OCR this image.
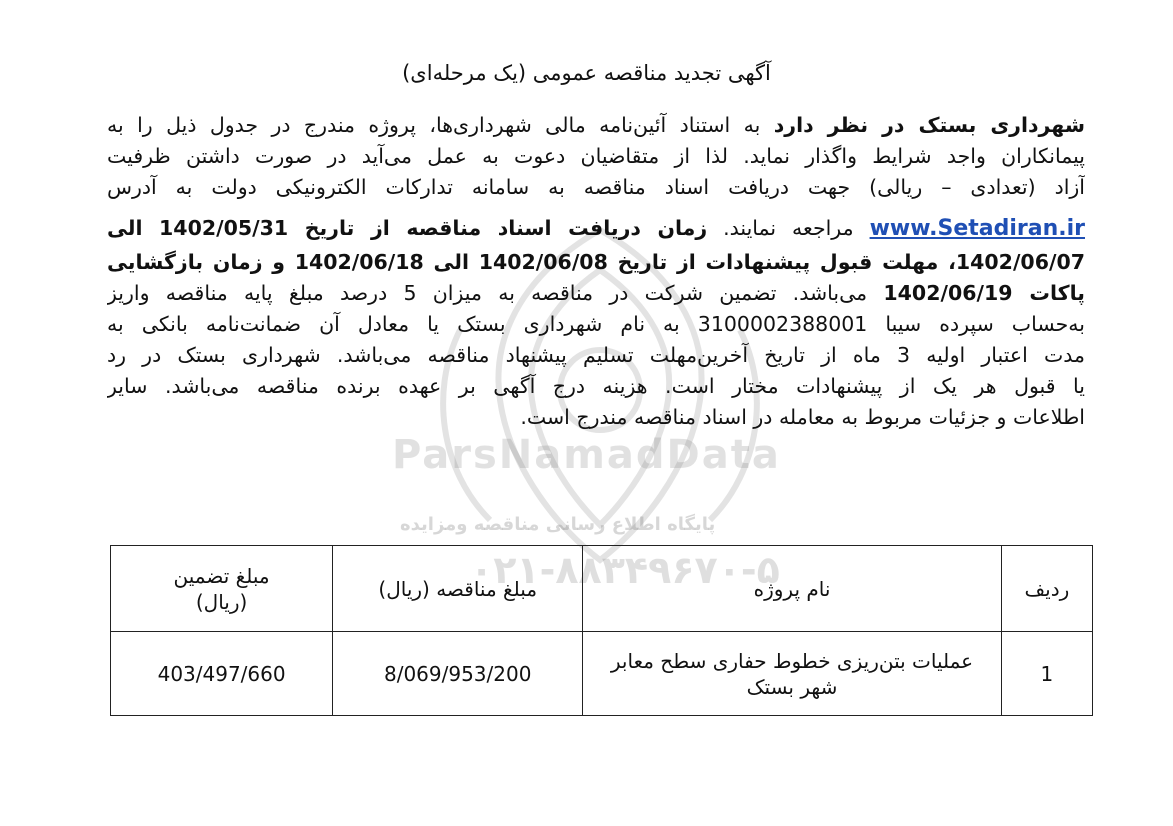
ParsNamadData
پایگاه اطلاع رسانی مناقصه ومزایده
۰۲۱-۸۸۳۴۹۶۷۰-۵
آگهی تجدید مناقصه عمومی (یک مرحله‌ای)
شهرداری بستک در نظر دارد به استناد آئین‌نامه مالی شهرداری‌ها، پروژه مندرج در جدول ذیل را به
پیمانکاران واجد شرایط واگذار نماید. لذا از متقاضیان دعوت به عمل می‌آید در صورت داشتن ظرفیت
آزاد (تعدادی – ریالی) جهت دریافت اسناد مناقصه به سامانه تدارکات الکترونیکی دولت به آدرس
www.Setadiran.ir مراجعه نمایند. زمان دریافت اسناد مناقصه از تاریخ 1402/05/31 الی
1402/06/07، مهلت قبول پیشنهادات از تاریخ 1402/06/08 الی 1402/06/18 و زمان بازگشایی
پاکات 1402/06/19 می‌باشد. تضمین شرکت در مناقصه به میزان 5 درصد مبلغ پایه مناقصه واریز
به‌حساب سپرده سیبا 3100002388001 به نام شهرداری بستک یا معادل آن ضمانت‌نامه بانکی به
مدت اعتبار اولیه 3 ماه از تاریخ آخرین‌مهلت تسلیم پیشنهاد مناقصه می‌باشد. شهرداری بستک در رد
یا قبول هر یک از پیشنهادات مختار است. هزینه درج آگهی بر عهده برنده مناقصه می‌باشد. سایر
اطلاعات و جزئیات مربوط به معامله در اسناد مناقصه مندرج است.
ردیف	نام پروژه	مبلغ مناقصه (ریال)	مبلغ تضمین
(ریال)

1	عملیات بتن‌ریزی خطوط حفاری سطح معابر شهر بستک	8/069/953/200	403/497/660
